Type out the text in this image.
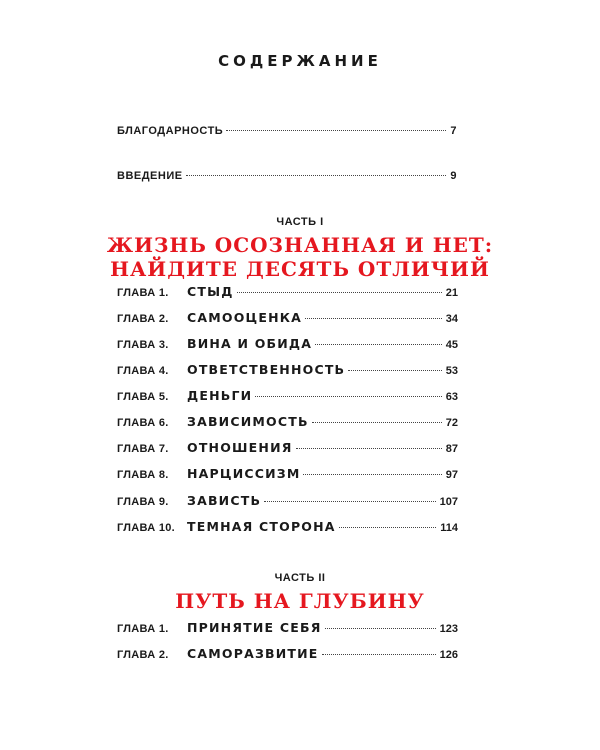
СОДЕРЖАНИЕ
БЛАГОДАРНОСТЬ	7
ВВЕДЕНИЕ	9
ЧАСТЬ I
ЖИЗНЬ ОСОЗНАННАЯ И НЕТ:
НАЙДИТЕ ДЕСЯТЬ ОТЛИЧИЙ
ГЛАВА 1.	СТЫД	21
ГЛАВА 2.	САМООЦЕНКА	34
ГЛАВА 3.	ВИНА И ОБИДА	45
ГЛАВА 4.	ОТВЕТСТВЕННОСТЬ	53
ГЛАВА 5.	ДЕНЬГИ	63
ГЛАВА 6.	ЗАВИСИМОСТЬ	72
ГЛАВА 7.	ОТНОШЕНИЯ	87
ГЛАВА 8.	НАРЦИССИЗМ	97
ГЛАВА 9.	ЗАВИСТЬ	107
ГЛАВА 10. ТЕМНАЯ СТОРОНА	114
ЧАСТЬ II
ПУТЬ НА ГЛУБИНУ
ГЛАВА 1.	ПРИНЯТИЕ СЕБЯ	123
ГЛАВА 2.	САМОРАЗВИТИЕ	126
